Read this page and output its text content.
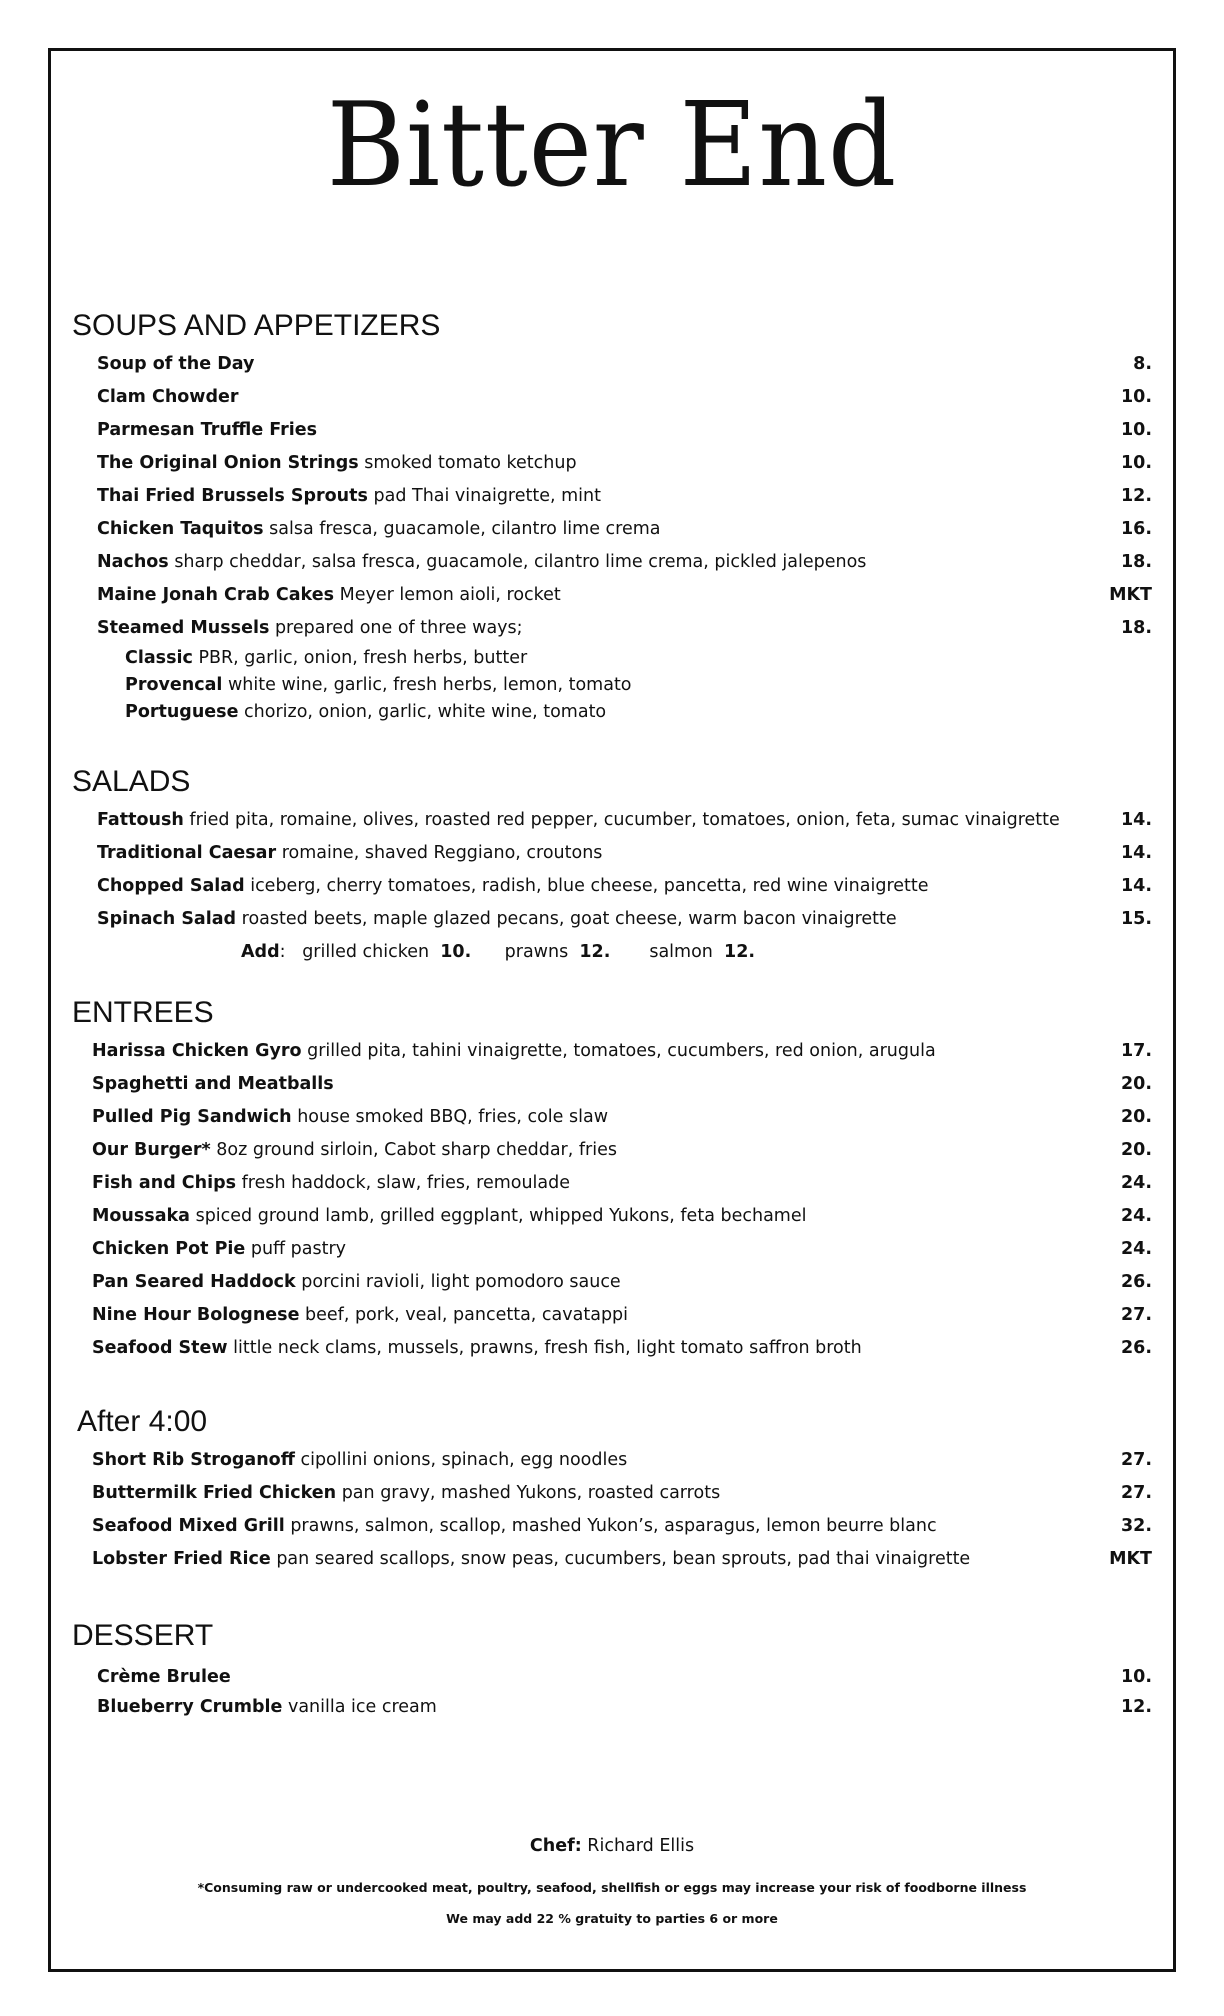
Bitter End
SOUPS AND APPETIZERS
Soup of the Day	8.
Clam Chowder	10.
Parmesan Truffle Fries	10.
The Original Onion Strings smoked tomato ketchup	10.
Thai Fried Brussels Sprouts pad Thai vinaigrette, mint	12.
Chicken Taquitos salsa fresca, guacamole, cilantro lime crema	16.
Nachos sharp cheddar, salsa fresca, guacamole, cilantro lime crema, pickled jalepenos	18.
Maine Jonah Crab Cakes Meyer lemon aioli, rocket	MKT
Steamed Mussels prepared one of three ways;	18.
Classic PBR, garlic, onion, fresh herbs, butter
Provencal white wine, garlic, fresh herbs, lemon, tomato
Portuguese chorizo, onion, garlic, white wine, tomato
SALADS
Fattoush fried pita, romaine, olives, roasted red pepper, cucumber, tomatoes, onion, feta, sumac vinaigrette	14.
Traditional Caesar romaine, shaved Reggiano, croutons	14.
Chopped Salad iceberg, cherry tomatoes, radish, blue cheese, pancetta, red wine vinaigrette	14.
Spinach Salad roasted beets, maple glazed pecans, goat cheese, warm bacon vinaigrette	15.
Add:   grilled chicken 10. prawns 12. salmon 12.
ENTREES
Harissa Chicken Gyro grilled pita, tahini vinaigrette, tomatoes, cucumbers, red onion, arugula	17.
Spaghetti and Meatballs	20.
Pulled Pig Sandwich house smoked BBQ, fries, cole slaw	20.
Our Burger* 8oz ground sirloin, Cabot sharp cheddar, fries	20.
Fish and Chips fresh haddock, slaw, fries, remoulade	24.
Moussaka spiced ground lamb, grilled eggplant, whipped Yukons, feta bechamel	24.
Chicken Pot Pie puff pastry	24.
Pan Seared Haddock porcini ravioli, light pomodoro sauce	26.
Nine Hour Bolognese beef, pork, veal, pancetta, cavatappi	27.
Seafood Stew little neck clams, mussels, prawns, fresh fish, light tomato saffron broth	26.
After 4:00
Short Rib Stroganoff cipollini onions, spinach, egg noodles	27.
Buttermilk Fried Chicken pan gravy, mashed Yukons, roasted carrots	27.
Seafood Mixed Grill prawns, salmon, scallop, mashed Yukon’s, asparagus, lemon beurre blanc	32.
Lobster Fried Rice pan seared scallops, snow peas, cucumbers, bean sprouts, pad thai vinaigrette	MKT
DESSERT
Crème Brulee	10.
Blueberry Crumble vanilla ice cream	12.
Chef: Richard Ellis
*Consuming raw or undercooked meat, poultry, seafood, shellfish or eggs may increase your risk of foodborne illness
We may add 22 % gratuity to parties 6 or more
